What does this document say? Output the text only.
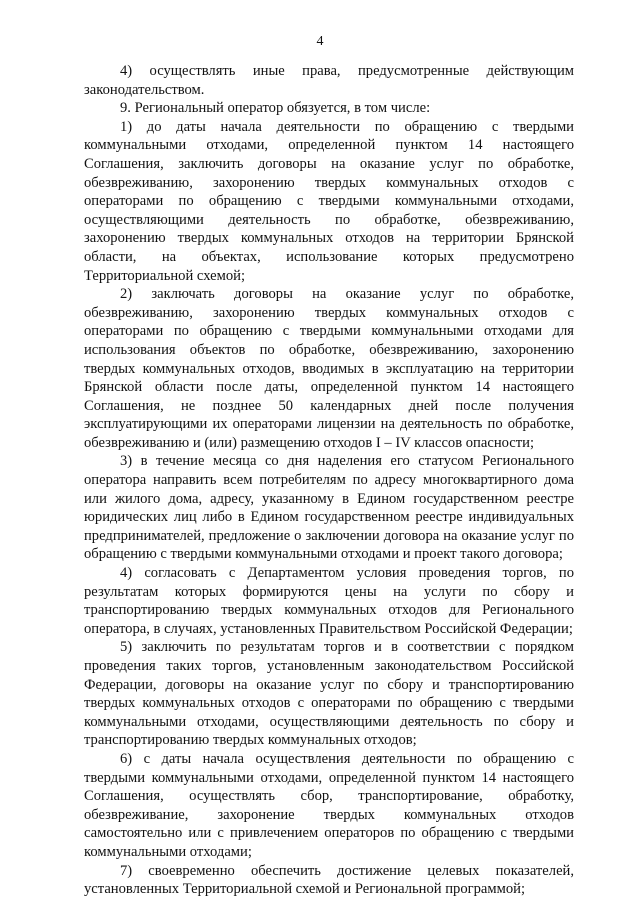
4

4) осуществлять иные права, предусмотренные действующим законодательством.

9. Региональный оператор обязуется, в том числе:

1) до даты начала деятельности по обращению с твердыми коммунальными отходами, определенной пунктом 14 настоящего Соглашения, заключить договоры на оказание услуг по обработке, обезвреживанию, захоронению твердых коммунальных отходов с операторами по обращению с твердыми коммунальными отходами, осуществляющими деятельность по обработке, обезвреживанию, захоронению твердых коммунальных отходов на территории Брянской области, на объектах, использование которых предусмотрено Территориальной схемой;

2) заключать договоры на оказание услуг по обработке, обезвреживанию, захоронению твердых коммунальных отходов с операторами по обращению с твердыми коммунальными отходами для использования объектов по обработке, обезвреживанию, захоронению твердых коммунальных отходов, вводимых в эксплуатацию на территории Брянской области после даты, определенной пунктом 14 настоящего Соглашения, не позднее 50 календарных дней после получения эксплуатирующими их операторами лицензии на деятельность по обработке, обезвреживанию и (или) размещению отходов I – IV классов опасности;

3) в течение месяца со дня наделения его статусом Регионального оператора направить всем потребителям по адресу многоквартирного дома или жилого дома, адресу, указанному в Едином государственном реестре юридических лиц либо в Едином государственном реестре индивидуальных предпринимателей, предложение о заключении договора на оказание услуг по обращению с твердыми коммунальными отходами и проект такого договора;

4) согласовать с Департаментом условия проведения торгов, по результатам которых формируются цены на услуги по сбору и транспортированию твердых коммунальных отходов для Регионального оператора, в случаях, установленных Правительством Российской Федерации;

5) заключить по результатам торгов и в соответствии с порядком проведения таких торгов, установленным законодательством Российской Федерации, договоры на оказание услуг по сбору и транспортированию твердых коммунальных отходов с операторами по обращению с твердыми коммунальными отходами, осуществляющими деятельность по сбору и транспортированию твердых коммунальных отходов;

6) с даты начала осуществления деятельности по обращению с твердыми коммунальными отходами, определенной пунктом 14 настоящего Соглашения, осуществлять сбор, транспортирование, обработку, обезвреживание, захоронение твердых коммунальных отходов самостоятельно или с привлечением операторов по обращению с твердыми коммунальными отходами;

7) своевременно обеспечить достижение целевых показателей, установленных Территориальной схемой и Региональной программой;
